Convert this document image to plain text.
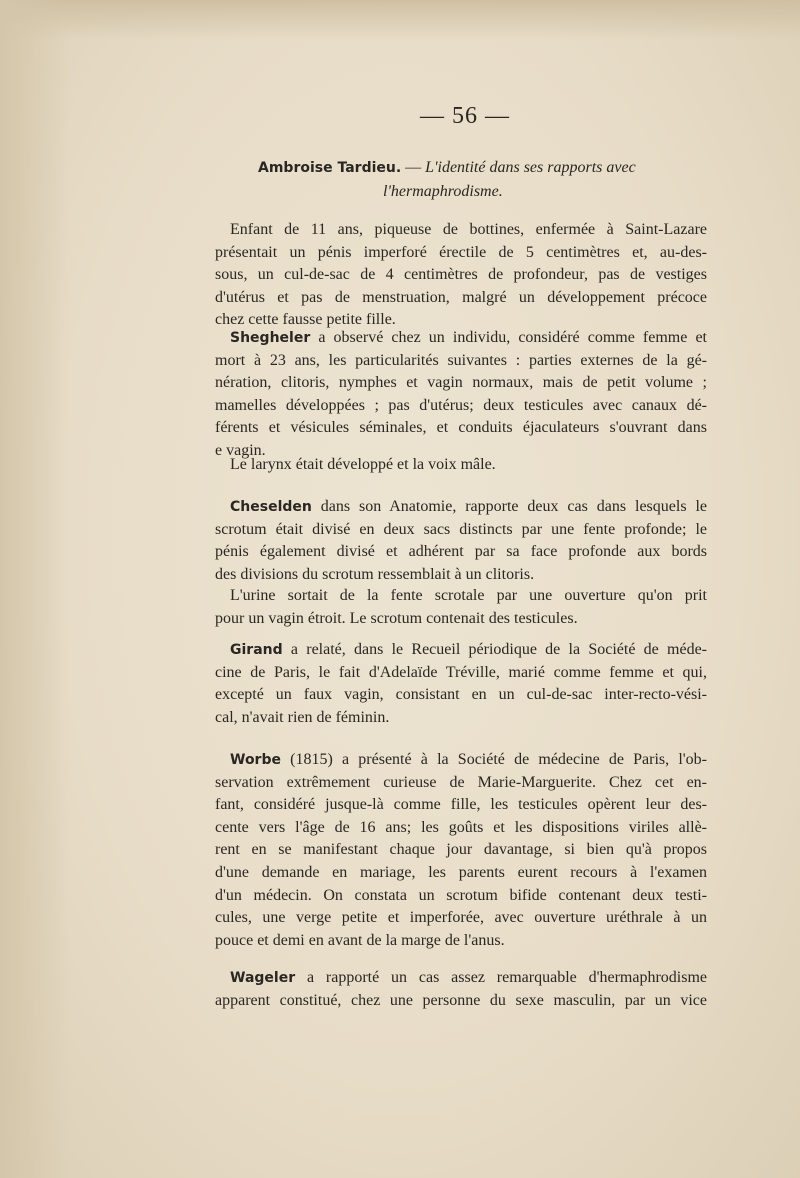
— 56 —
Ambroise Tardieu. — L'identité dans ses rapports avec
l'hermaphrodisme.
Enfant de 11 ans, piqueuse de bottines, enfermée à Saint-Lazare
présentait un pénis imperforé érectile de 5 centimètres et, au-des-
sous, un cul-de-sac de 4 centimètres de profondeur, pas de vestiges
d'utérus et pas de menstruation, malgré un développement précoce
chez cette fausse petite fille.
Shegheler a observé chez un individu, considéré comme femme et
mort à 23 ans, les particularités suivantes : parties externes de la gé-
nération, clitoris, nymphes et vagin normaux, mais de petit volume ;
mamelles développées ; pas d'utérus; deux testicules avec canaux dé-
férents et vésicules séminales, et conduits éjaculateurs s'ouvrant dans
e vagin.
Le larynx était développé et la voix mâle.
Cheselden dans son Anatomie, rapporte deux cas dans lesquels le
scrotum était divisé en deux sacs distincts par une fente profonde; le
pénis également divisé et adhérent par sa face profonde aux bords
des divisions du scrotum ressemblait à un clitoris.
L'urine sortait de la fente scrotale par une ouverture qu'on prit
pour un vagin étroit. Le scrotum contenait des testicules.
Girand a relaté, dans le Recueil périodique de la Société de méde-
cine de Paris, le fait d'Adelaïde Tréville, marié comme femme et qui,
excepté un faux vagin, consistant en un cul-de-sac inter-recto-vési-
cal, n'avait rien de féminin.
Worbe (1815) a présenté à la Société de médecine de Paris, l'ob-
servation extrêmement curieuse de Marie-Marguerite. Chez cet en-
fant, considéré jusque-là comme fille, les testicules opèrent leur des-
cente vers l'âge de 16 ans; les goûts et les dispositions viriles allè-
rent en se manifestant chaque jour davantage, si bien qu'à propos
d'une demande en mariage, les parents eurent recours à l'examen
d'un médecin. On constata un scrotum bifide contenant deux testi-
cules, une verge petite et imperforée, avec ouverture uréthrale à un
pouce et demi en avant de la marge de l'anus.
Wageler a rapporté un cas assez remarquable d'hermaphrodisme
apparent constitué, chez une personne du sexe masculin, par un vice
